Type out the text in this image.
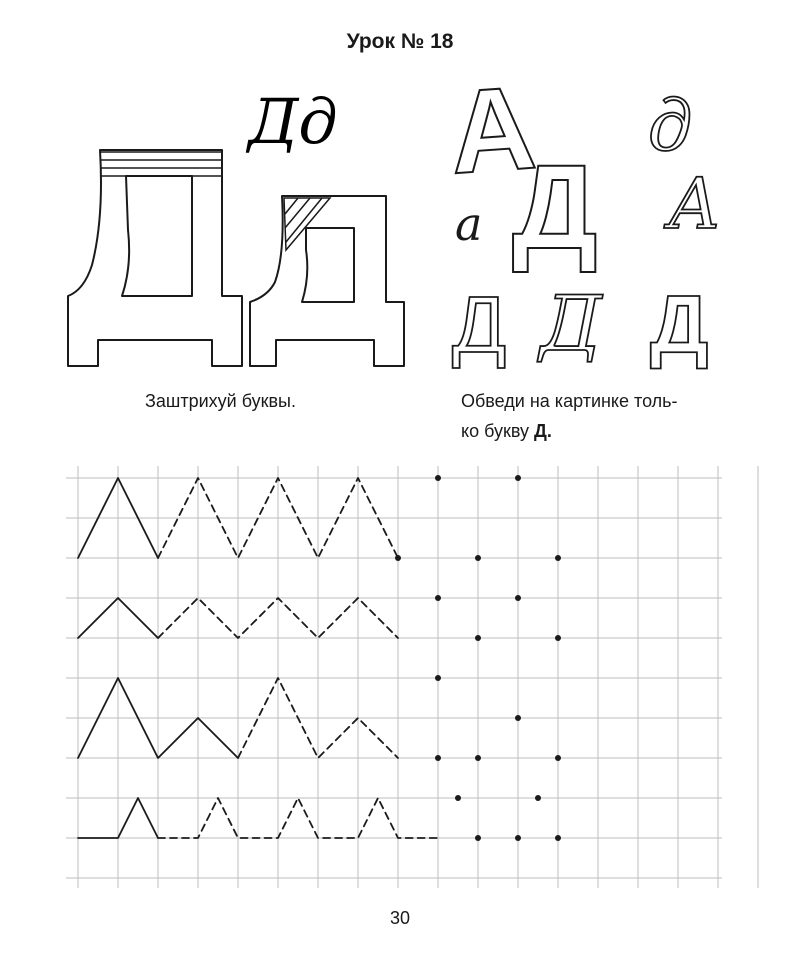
Урок № 18
Дд А
Д
д
А
а
Д Д Д
Заштрихуй буквы.	Обведи на картинке толь-
ко букву Д.
30
